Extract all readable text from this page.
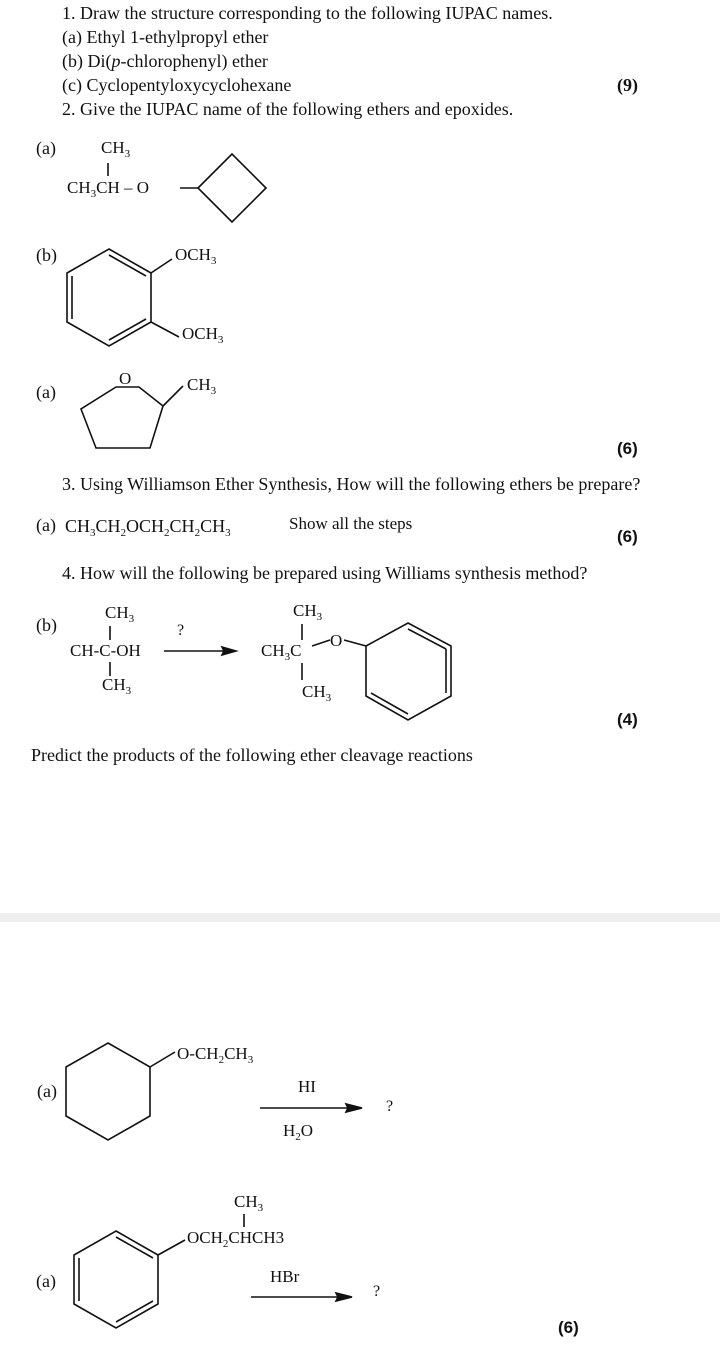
1. Draw the structure corresponding to the following IUPAC names.
(a) Ethyl 1-ethylpropyl ether
(b) Di(p-chlorophenyl) ether
(c) Cyclopentyloxycyclohexane	(9)
2. Give the IUPAC name of the following ethers and epoxides.
(a)	$CH_3$
$CH_3CH$ – O
(b)	$OCH_3$
$OCH_3$
(a)
O	$CH_3$
(6)
3. Using Williamson Ether Synthesis, How will the following ethers be prepare?
(a) $CH_3CH_2OCH_2CH_2CH_3$	Show all the steps
(6)
4. How will the following be prepared using Williams synthesis method?
(b)
$CH_3$
CH-C-OH
$CH_3$
?
$CH_3$
$CH_3C$
O
$CH_3$
(4)
Predict the products of the following ether cleavage reactions
(a)
$O-CH_2CH_3$
HI
$H_2O$
?
$CH_3$
$OCH_2CHCH3$
(a)	HBr
?
(6)
